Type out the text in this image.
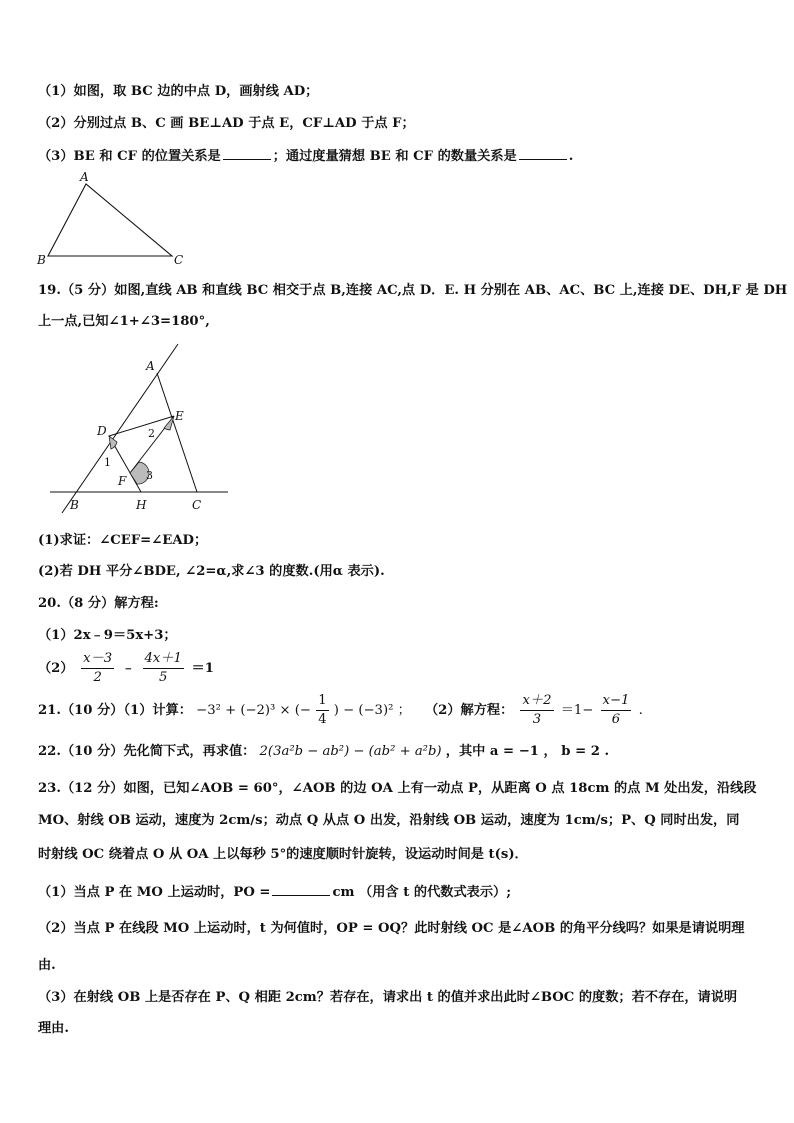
（1）如图，取 BC 边的中点 D，画射线 AD；
（2）分别过点 B、C 画 BE⊥AD 于点 E，CF⊥AD 于点 F；
（3）BE 和 CF 的位置关系是	；通过度量猜想 BE 和 CF 的数量关系是	.
A
B	C
19.（5 分）如图,直线 AB 和直线 BC 相交于点 B,连接 AC,点 D．E. H 分别在 AB、AC、BC 上,连接 DE、DH,F 是 DH
上一点,已知∠1+∠3=180°,
A
E
D	2
1
F 3
B	H	C
(1)求证：∠CEF=∠EAD；
(2)若 DH 平分∠BDE, ∠2=α,求∠3 的度数.(用α 表示).
20.（8 分）解方程:
（1）2x﹣9＝5x+3；
$(2) \frac{x-3}{2}$ ﹣ $\frac{4x+1}{5} =1$
21.（10 分）（1）计算： −3² + (−2)³ × (− $\frac{1}{4}$ ) − (−3)² ； （2）解方程： $\frac{x+2}{3} =1- \frac{x-1}{6}$ .
22.（10 分）先化简下式，再求值： 2(3a²b − ab²) − (ab² + a²b) ，其中 a = −1 ， b = 2 .
23.（12 分）如图，已知∠AOB = 60°，∠AOB 的边 OA 上有一动点 P，从距离 O 点 18cm 的点 M 处出发，沿线段
MO、射线 OB 运动，速度为 2cm/s；动点 Q 从点 O 出发，沿射线 OB 运动，速度为 1cm/s；P、Q 同时出发，同
时射线 OC 绕着点 O 从 OA 上以每秒 5°的速度顺时针旋转，设运动时间是 t(s)．
（1）当点 P 在 MO 上运动时，PO =	cm （用含 t 的代数式表示）;
（2）当点 P 在线段 MO 上运动时，t 为何值时，OP = OQ？此时射线 OC 是∠AOB 的角平分线吗？如果是请说明理
由.
（3）在射线 OB 上是否存在 P、Q 相距 2cm？若存在，请求出 t 的值并求出此时∠BOC 的度数；若不存在，请说明
理由.
